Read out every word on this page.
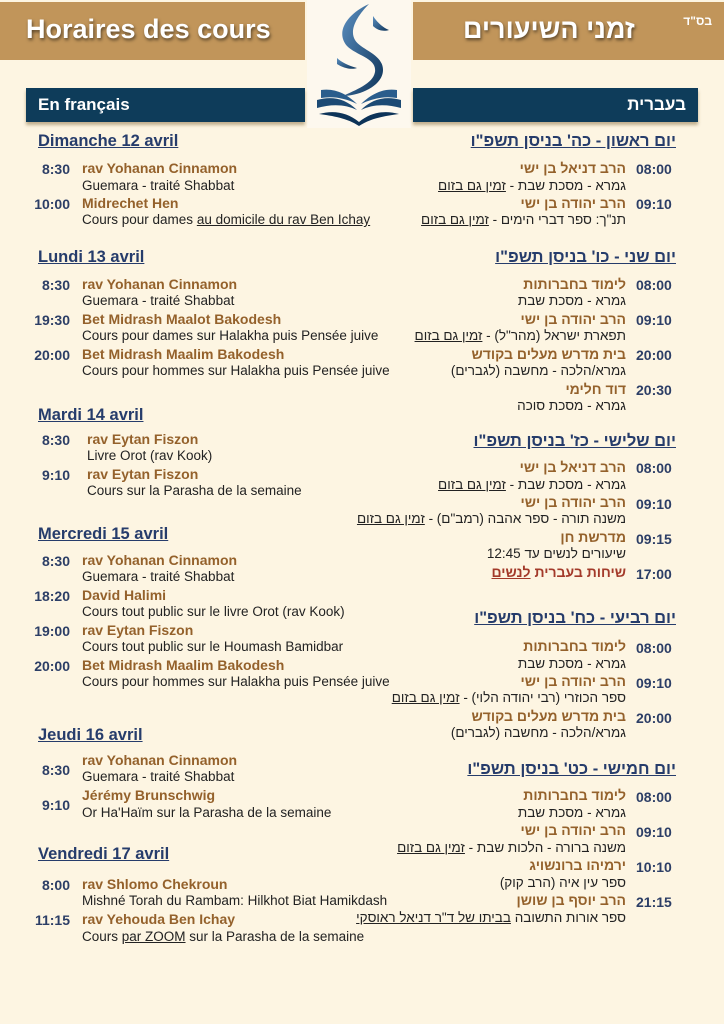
Horaires des cours	זמני השיעורים	בס"ד
En français	בעברית
Dimanche 12 avril
8:30 rav Yohanan Cinnamon
Guemara - traité Shabbat
10:00 Midrechet Hen
Cours pour dames au domicile du rav Ben Ichay
Lundi 13 avril
8:30 rav Yohanan Cinnamon
Guemara - traité Shabbat
19:30 Bet Midrash Maalot Bakodesh
Cours pour dames sur Halakha puis Pensée juive
20:00 Bet Midrash Maalim Bakodesh
Cours pour hommes sur Halakha puis Pensée juive
Mardi 14 avril
8:30 rav Eytan Fiszon
Livre Orot (rav Kook)
9:10 rav Eytan Fiszon
Cours sur la Parasha de la semaine
Mercredi 15 avril
8:30 rav Yohanan Cinnamon
Guemara - traité Shabbat
18:20 David Halimi
Cours tout public sur le livre Orot (rav Kook)
19:00 rav Eytan Fiszon
Cours tout public sur le Houmash Bamidbar
20:00 Bet Midrash Maalim Bakodesh
Cours pour hommes sur Halakha puis Pensée juive
Jeudi 16 avril
8:30
rav Yohanan Cinnamon
Guemara - traité Shabbat
9:10
Jérémy Brunschwig
Or Ha'Haïm sur la Parasha de la semaine
Vendredi 17 avril
8:00 rav Shlomo Chekroun
Mishné Torah du Rambam: Hilkhot Biat Hamikdash
11:15 rav Yehouda Ben Ichay
Cours par ZOOM sur la Parasha de la semaine
יום ראשון - כה' בניסן תשפ"ו
08:00
הרב דניאל בן ישי
גמרא - מסכת שבת - זמין גם בזום
09:10
הרב יהודה בן ישי
תנ"ך: ספר דברי הימים - זמין גם בזום
יום שני - כו' בניסן תשפ"ו
08:00
לימוד בחברותות
גמרא - מסכת שבת
09:10
הרב יהודה בן ישי
תפארת ישראל (מהר"ל) - זמין גם בזום
20:00
בית מדרש מעלים בקודש
גמרא/הלכה - מחשבה (לגברים)
20:30
דוד חלימי
גמרא - מסכת סוכה
יום שלישי - כז' בניסן תשפ"ו
08:00
הרב דניאל בן ישי
גמרא - מסכת שבת - זמין גם בזום
09:10
הרב יהודה בן ישי
משנה תורה - ספר אהבה (רמב"ם) - זמין גם בזום
09:15
מדרשת חן
שיעורים לנשים עד 12:45
17:00
שיחות בעברית לנשים
יום רביעי - כח' בניסן תשפ"ו
08:00
לימוד בחברותות
גמרא - מסכת שבת
09:10
הרב יהודה בן ישי
ספר הכוזרי (רבי יהודה הלוי) - זמין גם בזום
20:00
בית מדרש מעלים בקודש
גמרא/הלכה - מחשבה (לגברים)
יום חמישי - כט' בניסן תשפ"ו
08:00
לימוד בחברותות
גמרא - מסכת שבת
09:10
הרב יהודה בן ישי
משנה ברורה - הלכות שבת - זמין גם בזום
10:10
ירמיהו ברונשויג
ספר עין איה (הרב קוק)
21:15
הרב יוסף בן שושן
ספר אורות התשובה בביתו של ד"ר דניאל ראוסקי
